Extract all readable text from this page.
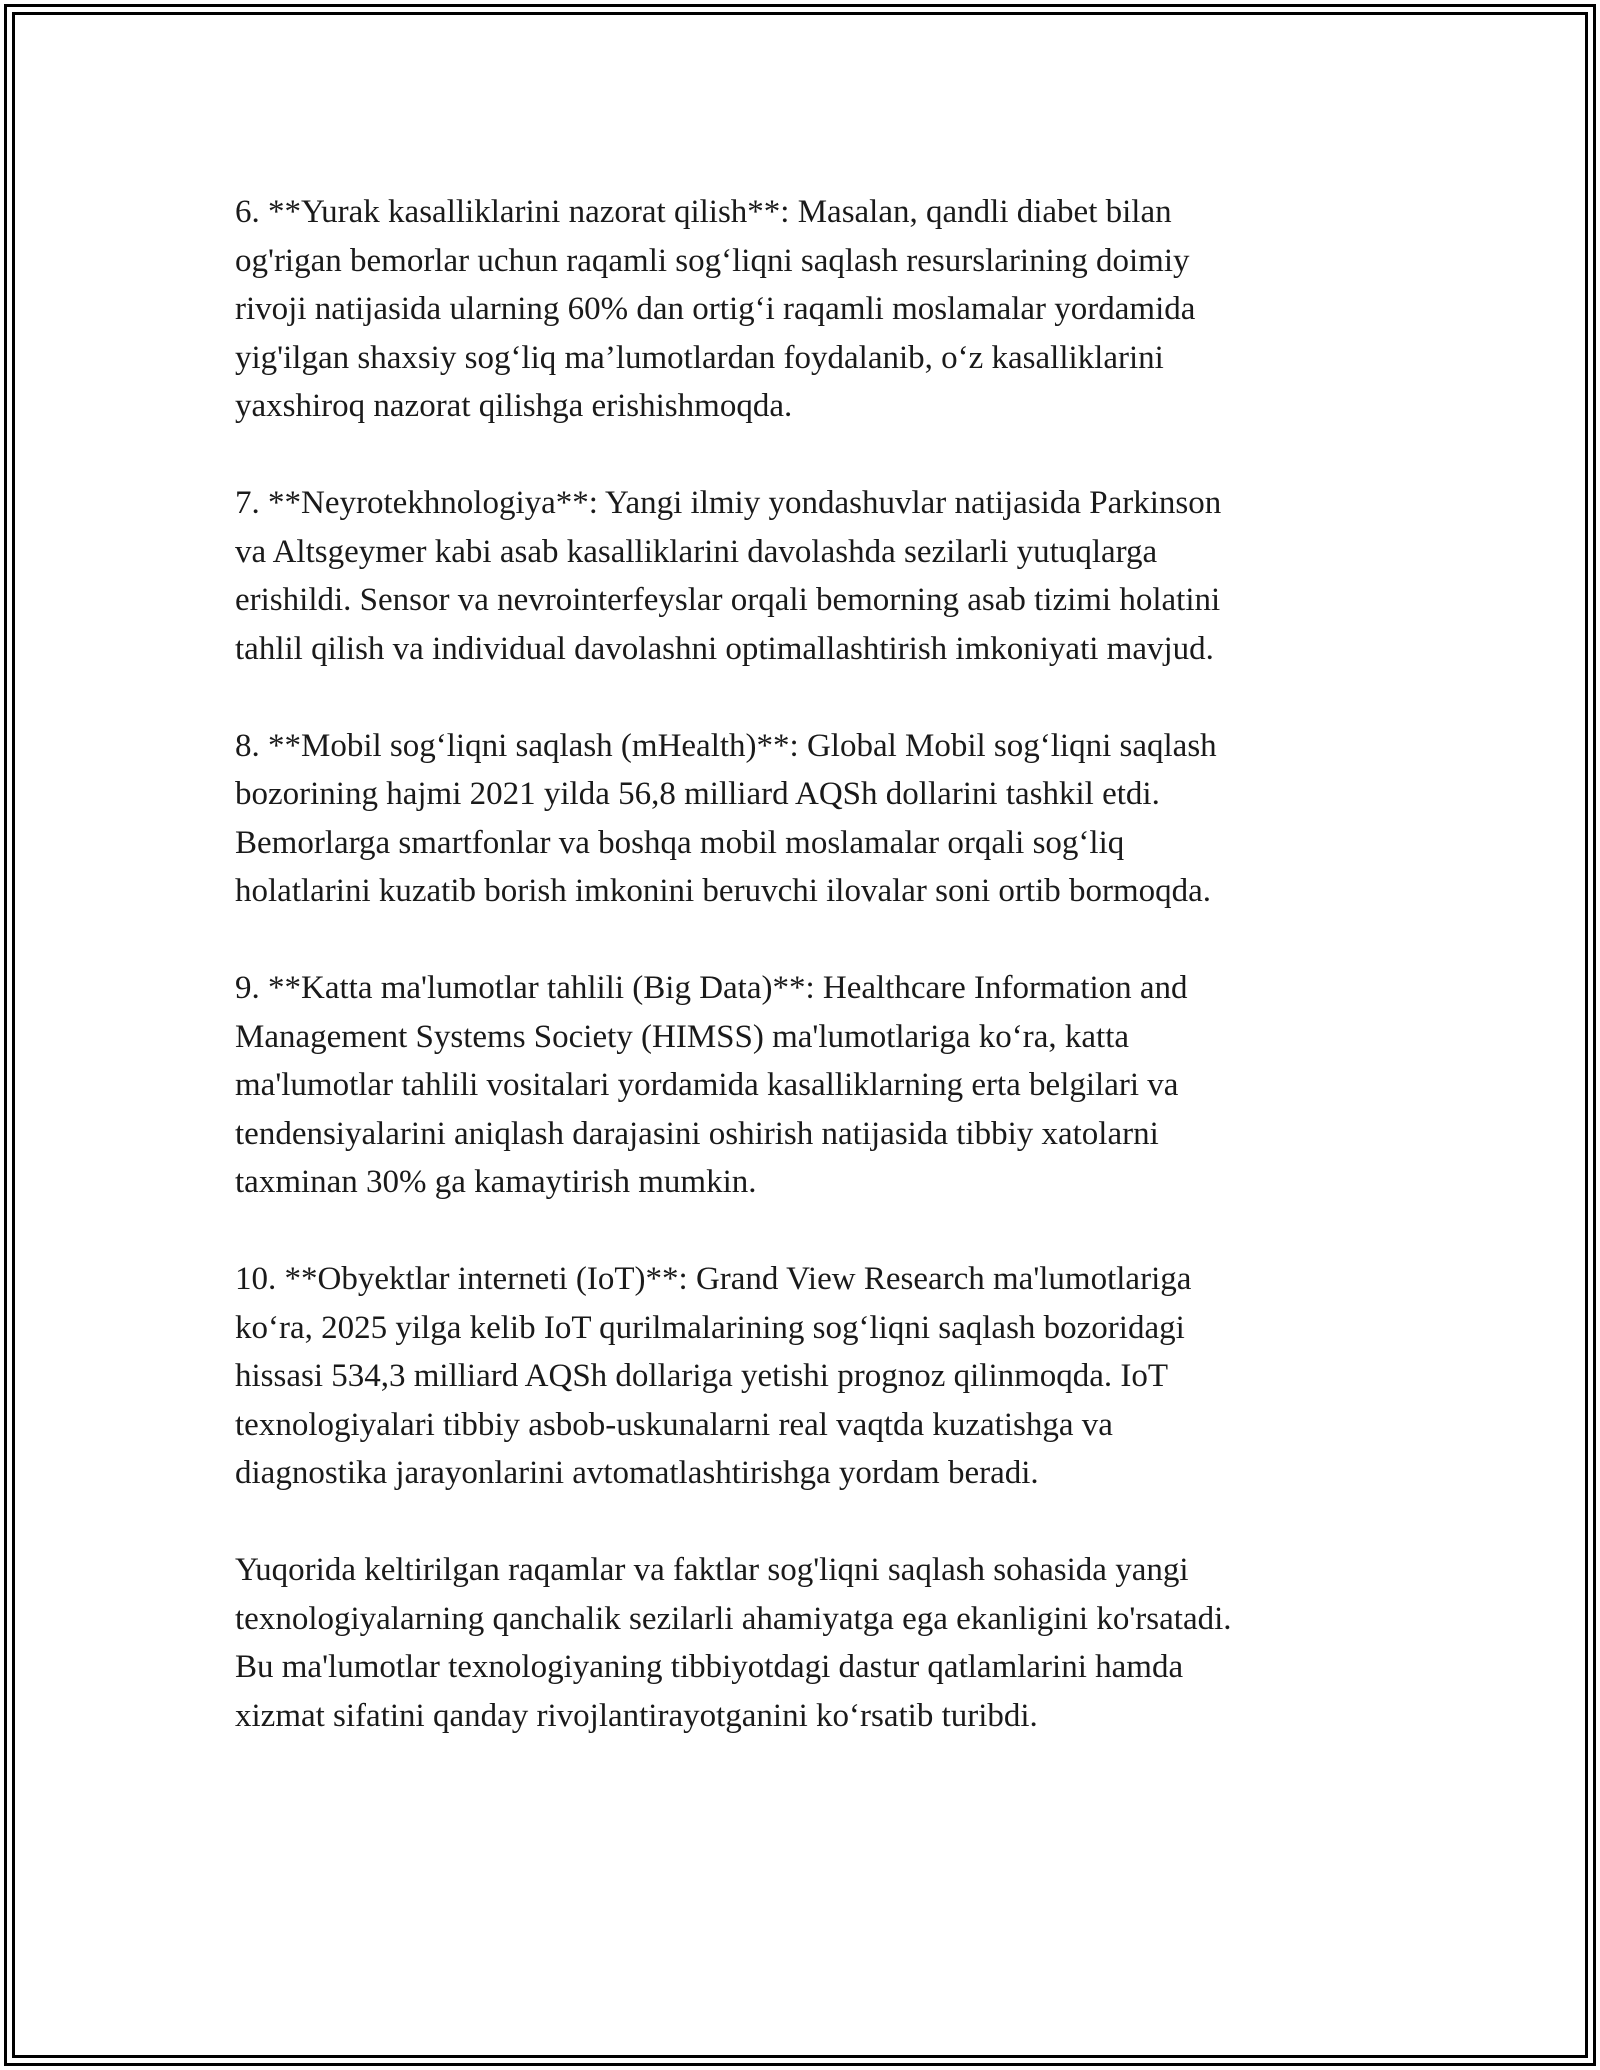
6. **Yurak kasalliklarini nazorat qilish**: Masalan, qandli diabet bilan
og'rigan bemorlar uchun raqamli sog‘liqni saqlash resurslarining doimiy
rivoji natijasida ularning 60% dan ortig‘i raqamli moslamalar yordamida
yig'ilgan shaxsiy sog‘liq ma’lumotlardan foydalanib, o‘z kasalliklarini
yaxshiroq nazorat qilishga erishishmoqda.
7. **Neyrotekhnologiya**: Yangi ilmiy yondashuvlar natijasida Parkinson
va Altsgeymer kabi asab kasalliklarini davolashda sezilarli yutuqlarga
erishildi. Sensor va nevrointerfeyslar orqali bemorning asab tizimi holatini
tahlil qilish va individual davolashni optimallashtirish imkoniyati mavjud.
8. **Mobil sog‘liqni saqlash (mHealth)**: Global Mobil sog‘liqni saqlash
bozorining hajmi 2021 yilda 56,8 milliard AQSh dollarini tashkil etdi.
Bemorlarga smartfonlar va boshqa mobil moslamalar orqali sog‘liq
holatlarini kuzatib borish imkonini beruvchi ilovalar soni ortib bormoqda.
9. **Katta ma'lumotlar tahlili (Big Data)**: Healthcare Information and
Management Systems Society (HIMSS) ma'lumotlariga ko‘ra, katta
ma'lumotlar tahlili vositalari yordamida kasalliklarning erta belgilari va
tendensiyalarini aniqlash darajasini oshirish natijasida tibbiy xatolarni
taxminan 30% ga kamaytirish mumkin.
10. **Obyektlar interneti (IoT)**: Grand View Research ma'lumotlariga
ko‘ra, 2025 yilga kelib IoT qurilmalarining sog‘liqni saqlash bozoridagi
hissasi 534,3 milliard AQSh dollariga yetishi prognoz qilinmoqda. IoT
texnologiyalari tibbiy asbob-uskunalarni real vaqtda kuzatishga va
diagnostika jarayonlarini avtomatlashtirishga yordam beradi.
Yuqorida keltirilgan raqamlar va faktlar sog'liqni saqlash sohasida yangi
texnologiyalarning qanchalik sezilarli ahamiyatga ega ekanligini ko'rsatadi.
Bu ma'lumotlar texnologiyaning tibbiyotdagi dastur qatlamlarini hamda
xizmat sifatini qanday rivojlantirayotganini ko‘rsatib turibdi.
